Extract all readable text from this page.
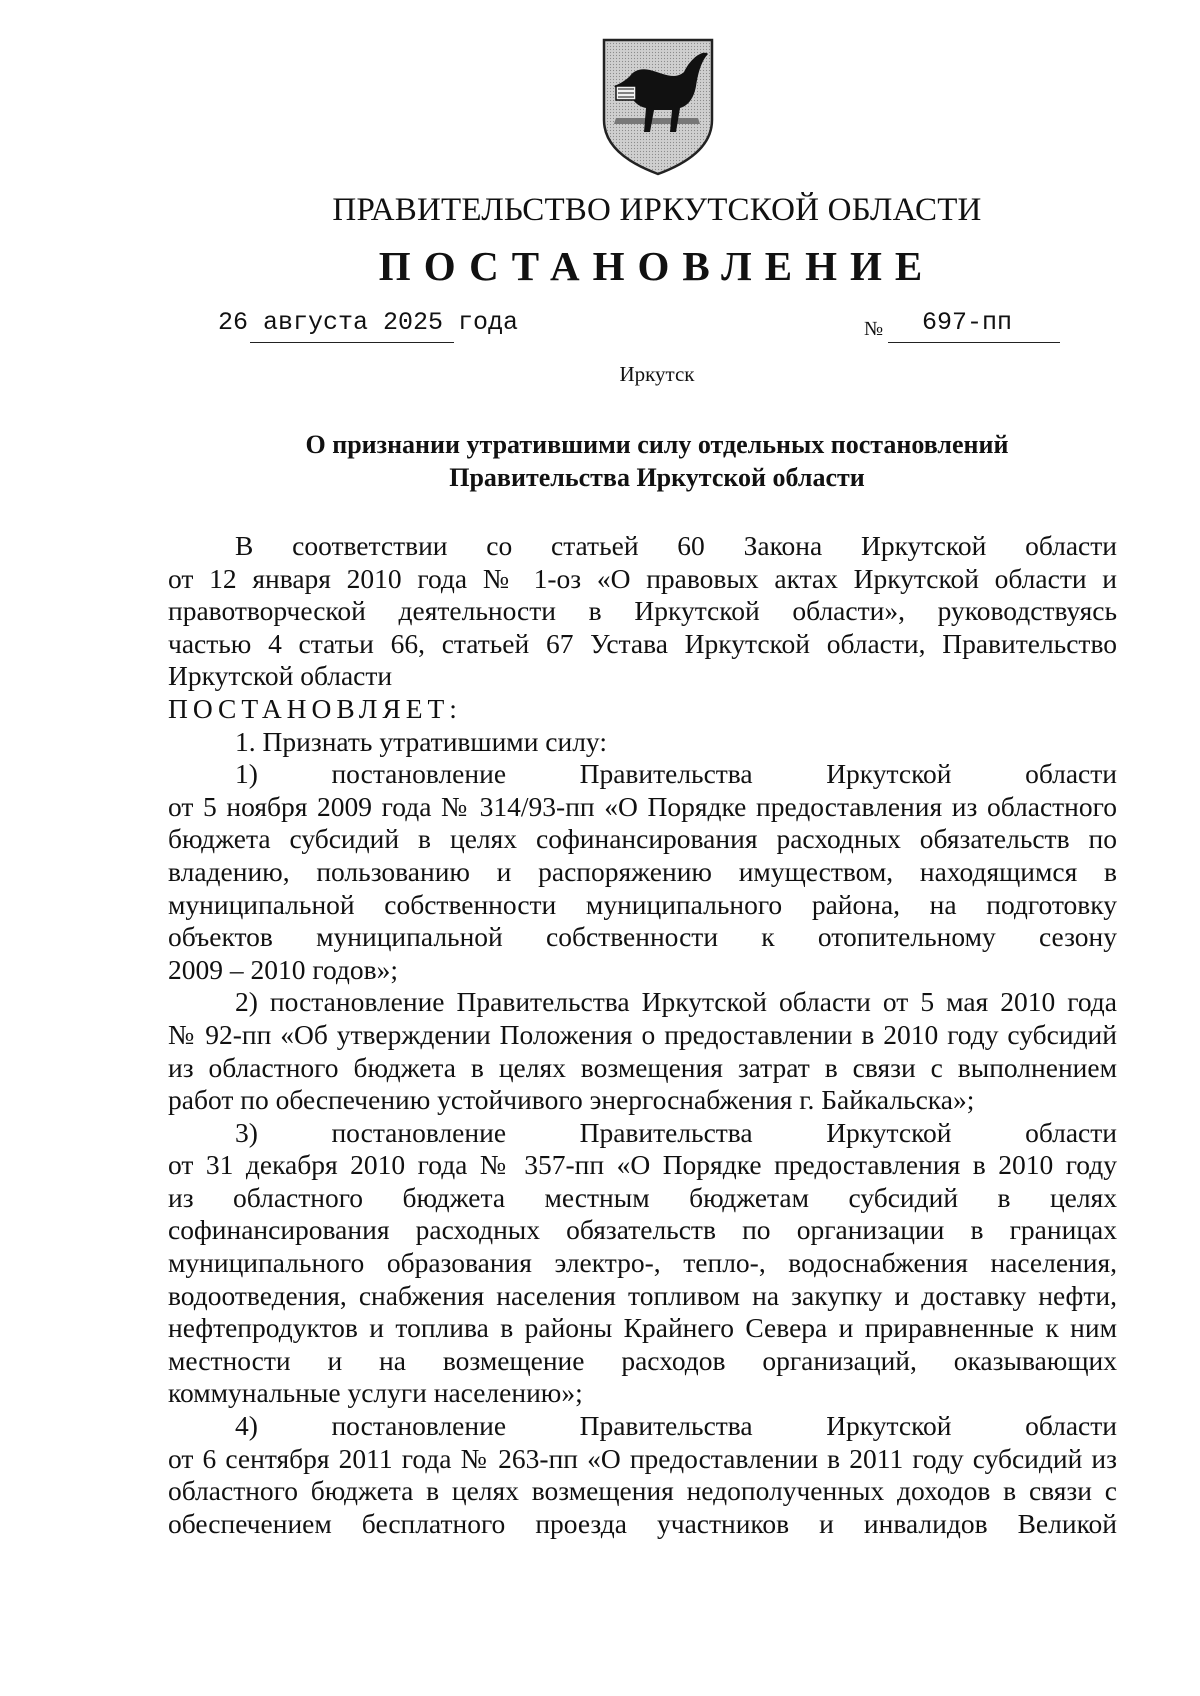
ПРАВИТЕЛЬСТВО ИРКУТСКОЙ ОБЛАСТИ
ПОСТАНОВЛЕНИЕ
26 августа 2025 года	№ 697-пп
Иркутск
О признании утратившими силу отдельных постановлений
Правительства Иркутской области

В соответствии со статьей 60 Закона Иркутской области

от 12 января 2010 года № 1-оз «О правовых актах Иркутской области и

правотворческой деятельности в Иркутской области», руководствуясь

частью 4 статьи 66, статьей 67 Устава Иркутской области, Правительство

Иркутской области

ПОСТАНОВЛЯЕТ:

1. Признать утратившими силу:

1) постановление Правительства Иркутской области

от 5 ноября 2009 года № 314/93-пп «О Порядке предоставления из областного

бюджета субсидий в целях софинансирования расходных обязательств по

владению, пользованию и распоряжению имуществом, находящимся в

муниципальной собственности муниципального района, на подготовку

объектов муниципальной собственности к отопительному сезону

2009 – 2010 годов»;

2) постановление Правительства Иркутской области от 5 мая 2010 года

№ 92-пп «Об утверждении Положения о предоставлении в 2010 году субсидий

из областного бюджета в целях возмещения затрат в связи с выполнением

работ по обеспечению устойчивого энергоснабжения г. Байкальска»;

3) постановление Правительства Иркутской области

от 31 декабря 2010 года № 357-пп «О Порядке предоставления в 2010 году

из областного бюджета местным бюджетам субсидий в целях

софинансирования расходных обязательств по организации в границах

муниципального образования электро-, тепло-, водоснабжения населения,

водоотведения, снабжения населения топливом на закупку и доставку нефти,

нефтепродуктов и топлива в районы Крайнего Севера и приравненные к ним

местности и на возмещение расходов организаций, оказывающих

коммунальные услуги населению»;

4) постановление Правительства Иркутской области

от 6 сентября 2011 года № 263-пп «О предоставлении в 2011 году субсидий из

областного бюджета в целях возмещения недополученных доходов в связи с

обеспечением бесплатного проезда участников и инвалидов Великой
